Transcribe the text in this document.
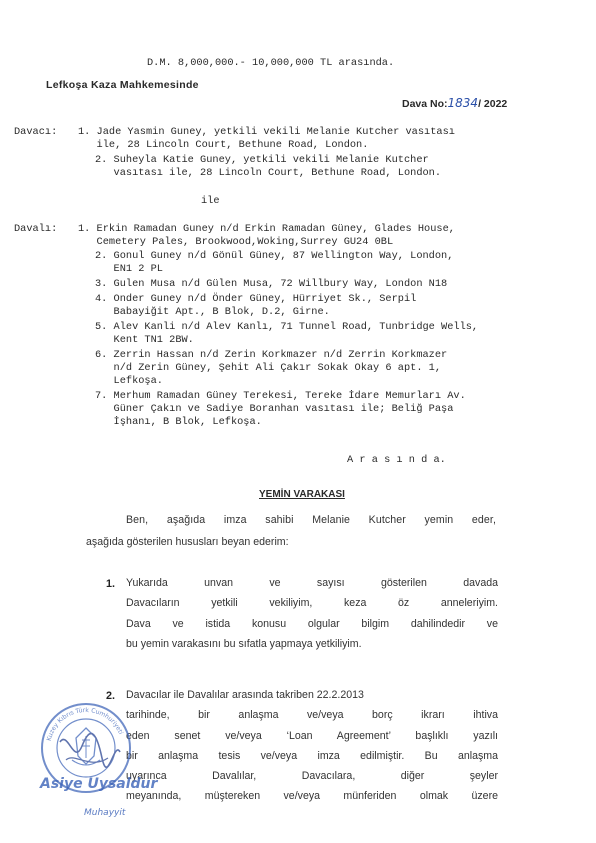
D.M. 8,000,000.- 10,000,000 TL arasında.
Lefkoşa Kaza Mahkemesinde
Dava No:1834/ 2022
Davacı: 1. Jade Yasmin Guney, yetkili vekili Melanie Kutcher vasıtası
ile, 28 Lincoln Court, Bethune Road, London.
2. Suheyla Katie Guney, yetkili vekili Melanie Kutcher
vasıtası ile, 28 Lincoln Court, Bethune Road, London.
ile
Davalı: 1. Erkin Ramadan Guney n/d Erkin Ramadan Güney, Glades House,
Cemetery Pales, Brookwood,Woking,Surrey GU24 0BL
2. Gonul Guney n/d Gönül Güney, 87 Wellington Way, London,
EN1 2 PL
3. Gulen Musa n/d Gülen Musa, 72 Willbury Way, London N18
4. Onder Guney n/d Önder Güney, Hürriyet Sk., Serpil
Babayiğit Apt., B Blok, D.2, Girne.
5. Alev Kanli n/d Alev Kanlı, 71 Tunnel Road, Tunbridge Wells,
Kent TN1 2BW.
6. Zerrin Hassan n/d Zerin Korkmazer n/d Zerrin Korkmazer
n/d Zerin Güney, Şehit Ali Çakır Sokak Okay 6 apt. 1,
Lefkoşa.
7. Merhum Ramadan Güney Terekesi, Tereke İdare Memurları Av.
Güner Çakın ve Sadiye Boranhan vasıtası ile; Beliğ Paşa
İşhanı, B Blok, Lefkoşa.
A r a s ı n d a.
YEMİN VARAKASI
Ben, aşağıda imza sahibi Melanie Kutcher yemin eder,
aşağıda gösterilen hususları beyan ederim:
1. Yukarıda unvan ve sayısı gösterilen davada
Davacıların yetkili vekiliyim, keza öz anneleriyim.
Dava ve istida konusu olgular bilgim dahilindedir ve
bu yemin varakasını bu sıfatla yapmaya yetkiliyim.
2. Davacılar ile Davalılar arasında takriben 22.2.2013
tarihinde, bir anlaşma ve/veya borç ikrarı ihtiva
eden senet ve/veya ‘Loan Agreement’ başlıklı yazılı
bir anlaşma tesis ve/veya imza edilmiştir. Bu anlaşma
uyarınca Davalılar, Davacılara, diğer şeyler
meyanında, müştereken ve/veya münferiden olmak üzere
Kuzey Kıbrıs Türk Cumhuriyeti
Asiye Uysaldur
Muhayyit
